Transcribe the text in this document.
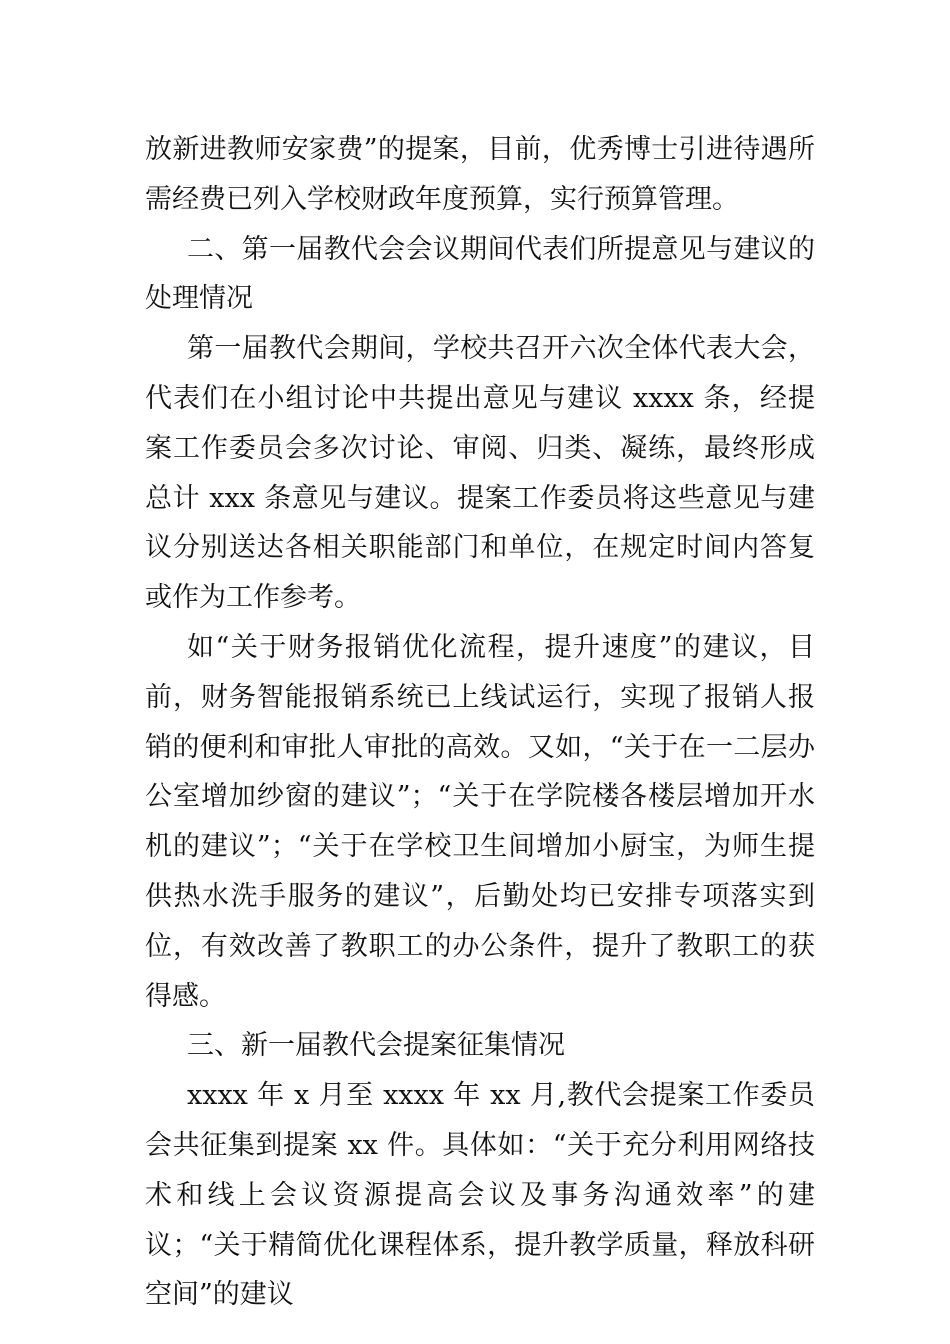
放新进教师安家费”的提案，目前，优秀博士引进待遇所需经费已列入学校财政年度预算，实行预算管理。

二、第一届教代会会议期间代表们所提意见与建议的处理情况

第一届教代会期间，学校共召开六次全体代表大会，代表们在小组讨论中共提出意见与建议 xxxx 条，经提案工作委员会多次讨论、审阅、归类、凝练，最终形成总计 xxx 条意见与建议。提案工作委员将这些意见与建议分别送达各相关职能部门和单位，在规定时间内答复或作为工作参考。

如“关于财务报销优化流程，提升速度”的建议，目前，财务智能报销系统已上线试运行，实现了报销人报销的便利和审批人审批的高效。又如，“关于在一二层办公室增加纱窗的建议”；“关于在学院楼各楼层增加开水机的建议”；“关于在学校卫生间增加小厨宝，为师生提供热水洗手服务的建议”，后勤处均已安排专项落实到位，有效改善了教职工的办公条件，提升了教职工的获得感。

三、新一届教代会提案征集情况

xxxx 年 x 月至 xxxx 年 xx 月,教代会提案工作委员会共征集到提案 xx 件。具体如：“关于充分利用网络技术和线上会议资源提高会议及事务沟通效率”的建议；“关于精简优化课程体系，提升教学质量，释放科研空间”的建议
